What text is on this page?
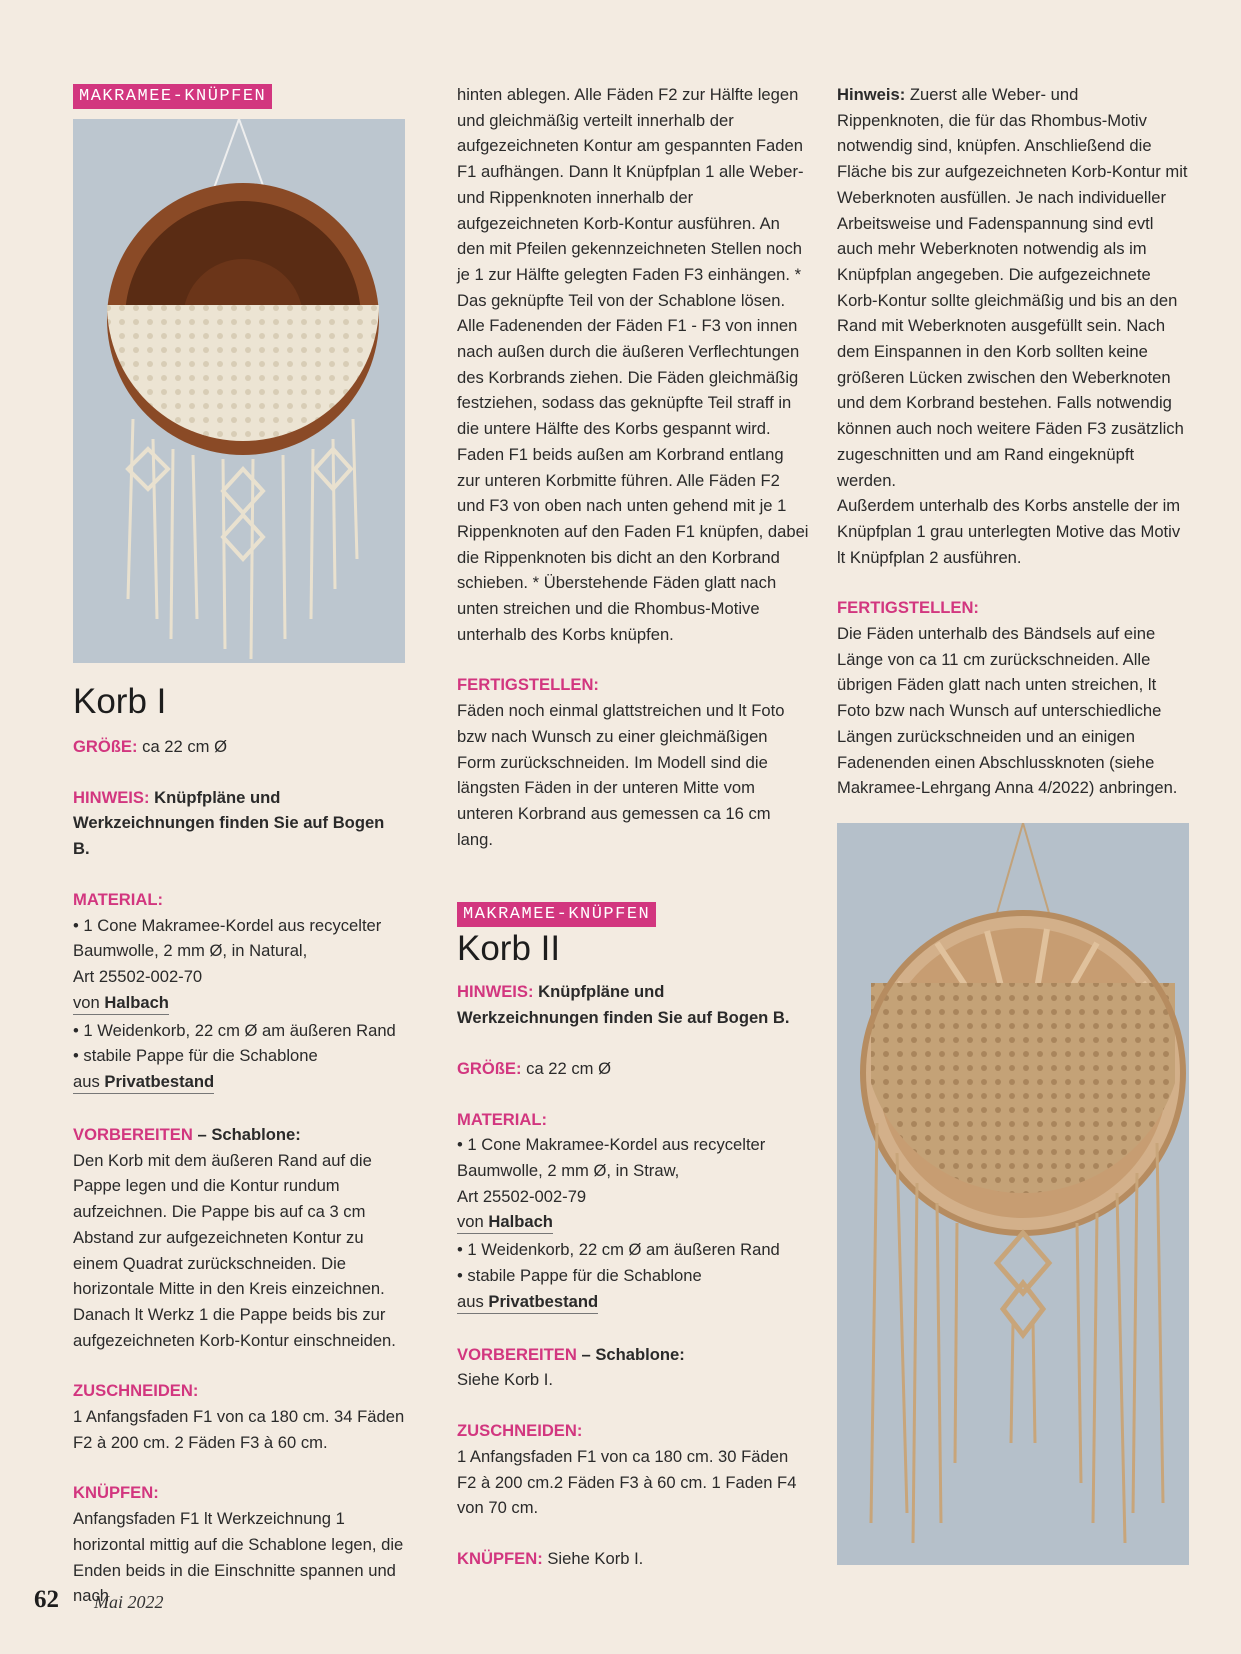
MAKRAMEE-KNÜPFEN

Korb I

GRÖßE: ca 22 cm Ø

HINWEIS: Knüpfpläne und Werkzeichnungen finden Sie auf Bogen B.

MATERIAL:

• 1 Cone Makramee-Kordel aus recycelter

Baumwolle, 2 mm Ø, in Natural,

Art 25502-002-70

von Halbach

• 1 Weidenkorb, 22 cm Ø am äußeren Rand

• stabile Pappe für die Schablone

aus Privatbestand

VORBEREITEN – Schablone:

Den Korb mit dem äußeren Rand auf die Pappe legen und die Kontur rundum aufzeichnen. Die Pappe bis auf ca 3 cm Abstand zur aufgezeichneten Kontur zu einem Quadrat zurückschneiden. Die horizontale Mitte in den Kreis einzeichnen. Danach lt Werkz 1 die Pappe beids bis zur aufgezeichneten Korb-Kontur einschneiden.

ZUSCHNEIDEN:

1 Anfangsfaden F1 von ca 180 cm. 34 Fäden F2 à 200 cm. 2 Fäden F3 à 60 cm.

KNÜPFEN:

Anfangsfaden F1 lt Werkzeichnung 1 horizontal mittig auf die Schablone legen, die Enden beids in die Einschnitte spannen und nach

hinten ablegen. Alle Fäden F2 zur Hälfte legen und gleichmäßig verteilt innerhalb der aufgezeichneten Kontur am gespannten Faden F1 aufhängen. Dann lt Knüpfplan 1 alle Weber- und Rippenknoten innerhalb der aufgezeichneten Korb-Kontur ausführen. An den mit Pfeilen gekennzeichneten Stellen noch je 1 zur Hälfte gelegten Faden F3 einhängen. * Das geknüpfte Teil von der Schablone lösen. Alle Fadenenden der Fäden F1 - F3 von innen nach außen durch die äußeren Verflechtungen des Korbrands ziehen. Die Fäden gleichmäßig festziehen, sodass das geknüpfte Teil straff in die untere Hälfte des Korbs gespannt wird. Faden F1 beids außen am Korbrand entlang zur unteren Korbmitte führen. Alle Fäden F2 und F3 von oben nach unten gehend mit je 1 Rippenknoten auf den Faden F1 knüpfen, dabei die Rippenknoten bis dicht an den Korbrand schieben. * Überstehende Fäden glatt nach unten streichen und die Rhombus-Motive unterhalb des Korbs knüpfen.

FERTIGSTELLEN:

Fäden noch einmal glattstreichen und lt Foto bzw nach Wunsch zu einer gleichmäßigen Form zurückschneiden. Im Modell sind die längsten Fäden in der unteren Mitte vom unteren Korbrand aus gemessen ca 16 cm lang.

MAKRAMEE-KNÜPFEN

Korb II

HINWEIS: Knüpfpläne und Werkzeichnungen finden Sie auf Bogen B.

GRÖßE: ca 22 cm Ø

MATERIAL:

• 1 Cone Makramee-Kordel aus recycelter

Baumwolle, 2 mm Ø, in Straw,

Art 25502-002-79

von Halbach

• 1 Weidenkorb, 22 cm Ø am äußeren Rand

• stabile Pappe für die Schablone

aus Privatbestand

VORBEREITEN – Schablone:

Siehe Korb I.

ZUSCHNEIDEN:

1 Anfangsfaden F1 von ca 180 cm. 30 Fäden F2 à 200 cm.2 Fäden F3 à 60 cm. 1 Faden F4 von 70 cm.

KNÜPFEN: Siehe Korb I.

Hinweis: Zuerst alle Weber- und Rippenknoten, die für das Rhombus-Motiv notwendig sind, knüpfen. Anschließend die Fläche bis zur aufgezeichneten Korb-Kontur mit Weberknoten ausfüllen. Je nach individueller Arbeitsweise und Fadenspannung sind evtl auch mehr Weberknoten notwendig als im Knüpfplan angegeben. Die aufgezeichnete Korb-Kontur sollte gleichmäßig und bis an den Rand mit Weberknoten ausgefüllt sein. Nach dem Einspannen in den Korb sollten keine größeren Lücken zwischen den Weberknoten und dem Korbrand bestehen. Falls notwendig können auch noch weitere Fäden F3 zusätzlich zugeschnitten und am Rand eingeknüpft werden.

Außerdem unterhalb des Korbs anstelle der im Knüpfplan 1 grau unterlegten Motive das Motiv lt Knüpfplan 2 ausführen.

FERTIGSTELLEN:

Die Fäden unterhalb des Bändsels auf eine Länge von ca 11 cm zurückschneiden. Alle übrigen Fäden glatt nach unten streichen, lt Foto bzw nach Wunsch auf unterschiedliche Längen zurückschneiden und an einigen Fadenenden einen Abschlussknoten (siehe Makramee-Lehrgang Anna 4/2022) anbringen.

62 Mai 2022
